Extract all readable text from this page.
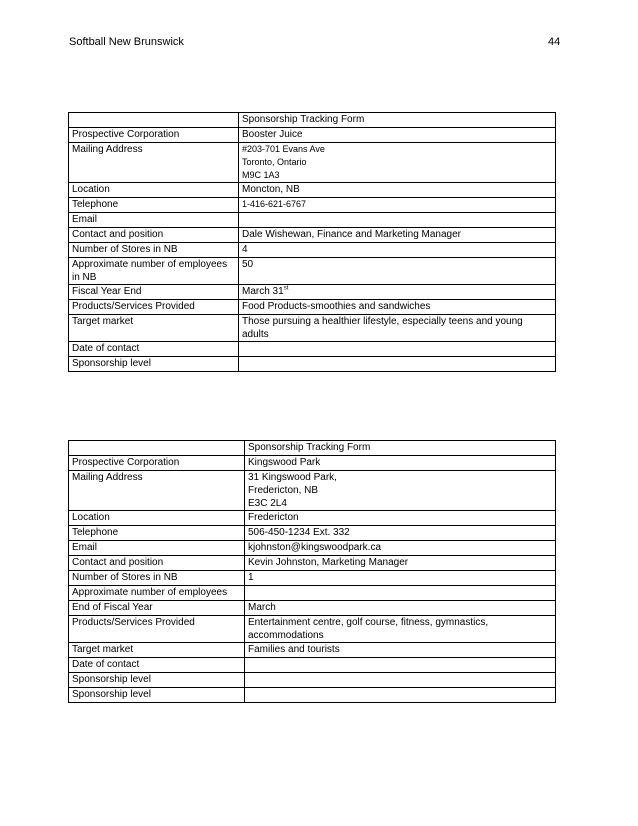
Softball New Brunswick	44
	Sponsorship Tracking Form
Prospective Corporation	Booster Juice
Mailing Address	#203-701 Evans Ave
Toronto, Ontario
M9C 1A3

Location	Moncton, NB
Telephone	1-416-621-6767
Email	
Contact and position	Dale Wishewan, Finance and Marketing Manager
Number of Stores in NB	4
Approximate number of employees in NB	50
Fiscal Year End	March 31st
Products/Services Provided	Food Products-smoothies and sandwiches
Target market	Those pursuing a healthier lifestyle, especially teens and young adults
Date of contact	
Sponsorship level	
	Sponsorship Tracking Form
Prospective Corporation	Kingswood Park
Mailing Address	31 Kingswood Park,
Fredericton, NB
E3C 2L4

Location	Fredericton
Telephone	506-450-1234 Ext. 332
Email	kjohnston@kingswoodpark.ca
Contact and position	Kevin Johnston, Marketing Manager
Number of Stores in NB	1
Approximate number of employees	
End of Fiscal Year	March
Products/Services Provided	Entertainment centre, golf course, fitness, gymnastics, accommodations
Target market	Families and tourists
Date of contact	
Sponsorship level	
Sponsorship level	
